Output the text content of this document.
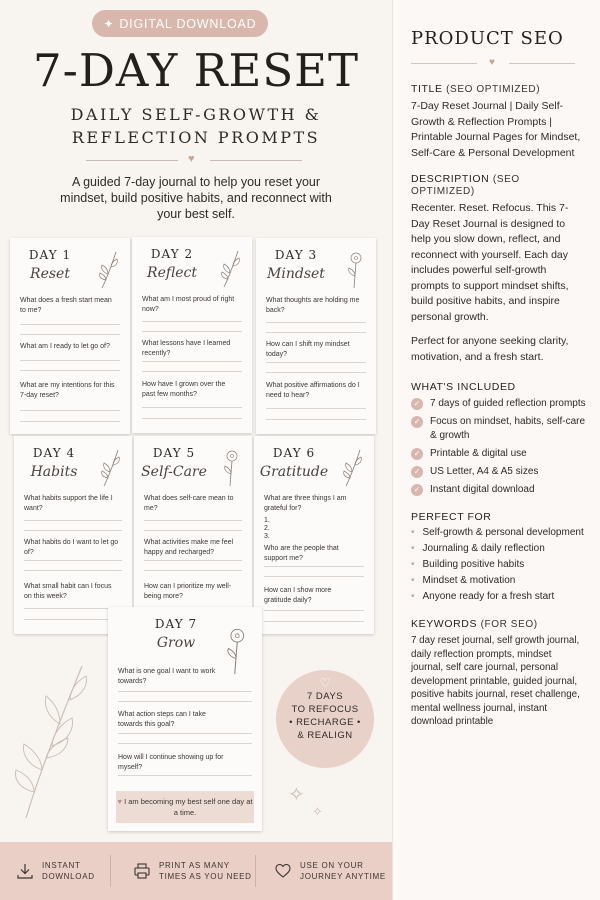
✦ DIGITAL DOWNLOAD
7-DAY RESET
DAILY SELF-GROWTH &
REFLECTION PROMPTS
♥
A guided 7-day journal to help you reset your mindset, build positive habits, and reconnect with your best self.
DAY 1
Reset
What does a fresh start mean to me?
What am I ready to let go of?
What are my intentions for this 7-day reset?
DAY 2
Reflect
What am I most proud of right now?
What lessons have I learned recently?
How have I grown over the past few months?
DAY 3
Mindset
What thoughts are holding me back?
How can I shift my mindset today?
What positive affirmations do I need to hear?
DAY 4
Habits
What habits support the life I want?
What habits do I want to let go of?
What small habit can I focus on this week?
DAY 5
Self-Care
What does self-care mean to me?
What activities make me feel happy and recharged?
How can I prioritize my well-being more?
DAY 6
Gratitude
What are three things I am grateful for?
1.
2.
3.
Who are the people that support me?
How can I show more gratitude daily?
DAY 7
Grow
What is one goal I want to work towards?
What action steps can I take towards this goal?
How will I continue showing up for myself?
♥ I am becoming my best self one day at a time.
✧
✧
♡
7 DAYS
TO REFOCUS
• RECHARGE •
& REALIGN
INSTANT
DOWNLOAD
PRINT AS MANY
TIMES AS YOU NEED
USE ON YOUR
JOURNEY ANYTIME
PRODUCT SEO
♥
TITLE (SEO OPTIMIZED)
7-Day Reset Journal | Daily Self-Growth & Reflection Prompts | Printable Journal Pages for Mindset, Self-Care & Personal Development
DESCRIPTION (SEO OPTIMIZED)
Recenter. Reset. Refocus. This 7-Day Reset Journal is designed to help you slow down, reflect, and reconnect with yourself. Each day includes powerful self-growth prompts to support mindset shifts, build positive habits, and inspire personal growth.
Perfect for anyone seeking clarity, motivation, and a fresh start.
WHAT'S INCLUDED
✓ 7 days of guided reflection prompts
✓ Focus on mindset, habits, self-care & growth
✓ Printable & digital use
✓ US Letter, A4 & A5 sizes
✓ Instant digital download
PERFECT FOR
• Self-growth & personal development
• Journaling & daily reflection
• Building positive habits
• Mindset & motivation
• Anyone ready for a fresh start
KEYWORDS (FOR SEO)
7 day reset journal, self growth journal, daily reflection prompts, mindset journal, self care journal, personal development printable, guided journal, positive habits journal, reset challenge, mental wellness journal, instant download printable
